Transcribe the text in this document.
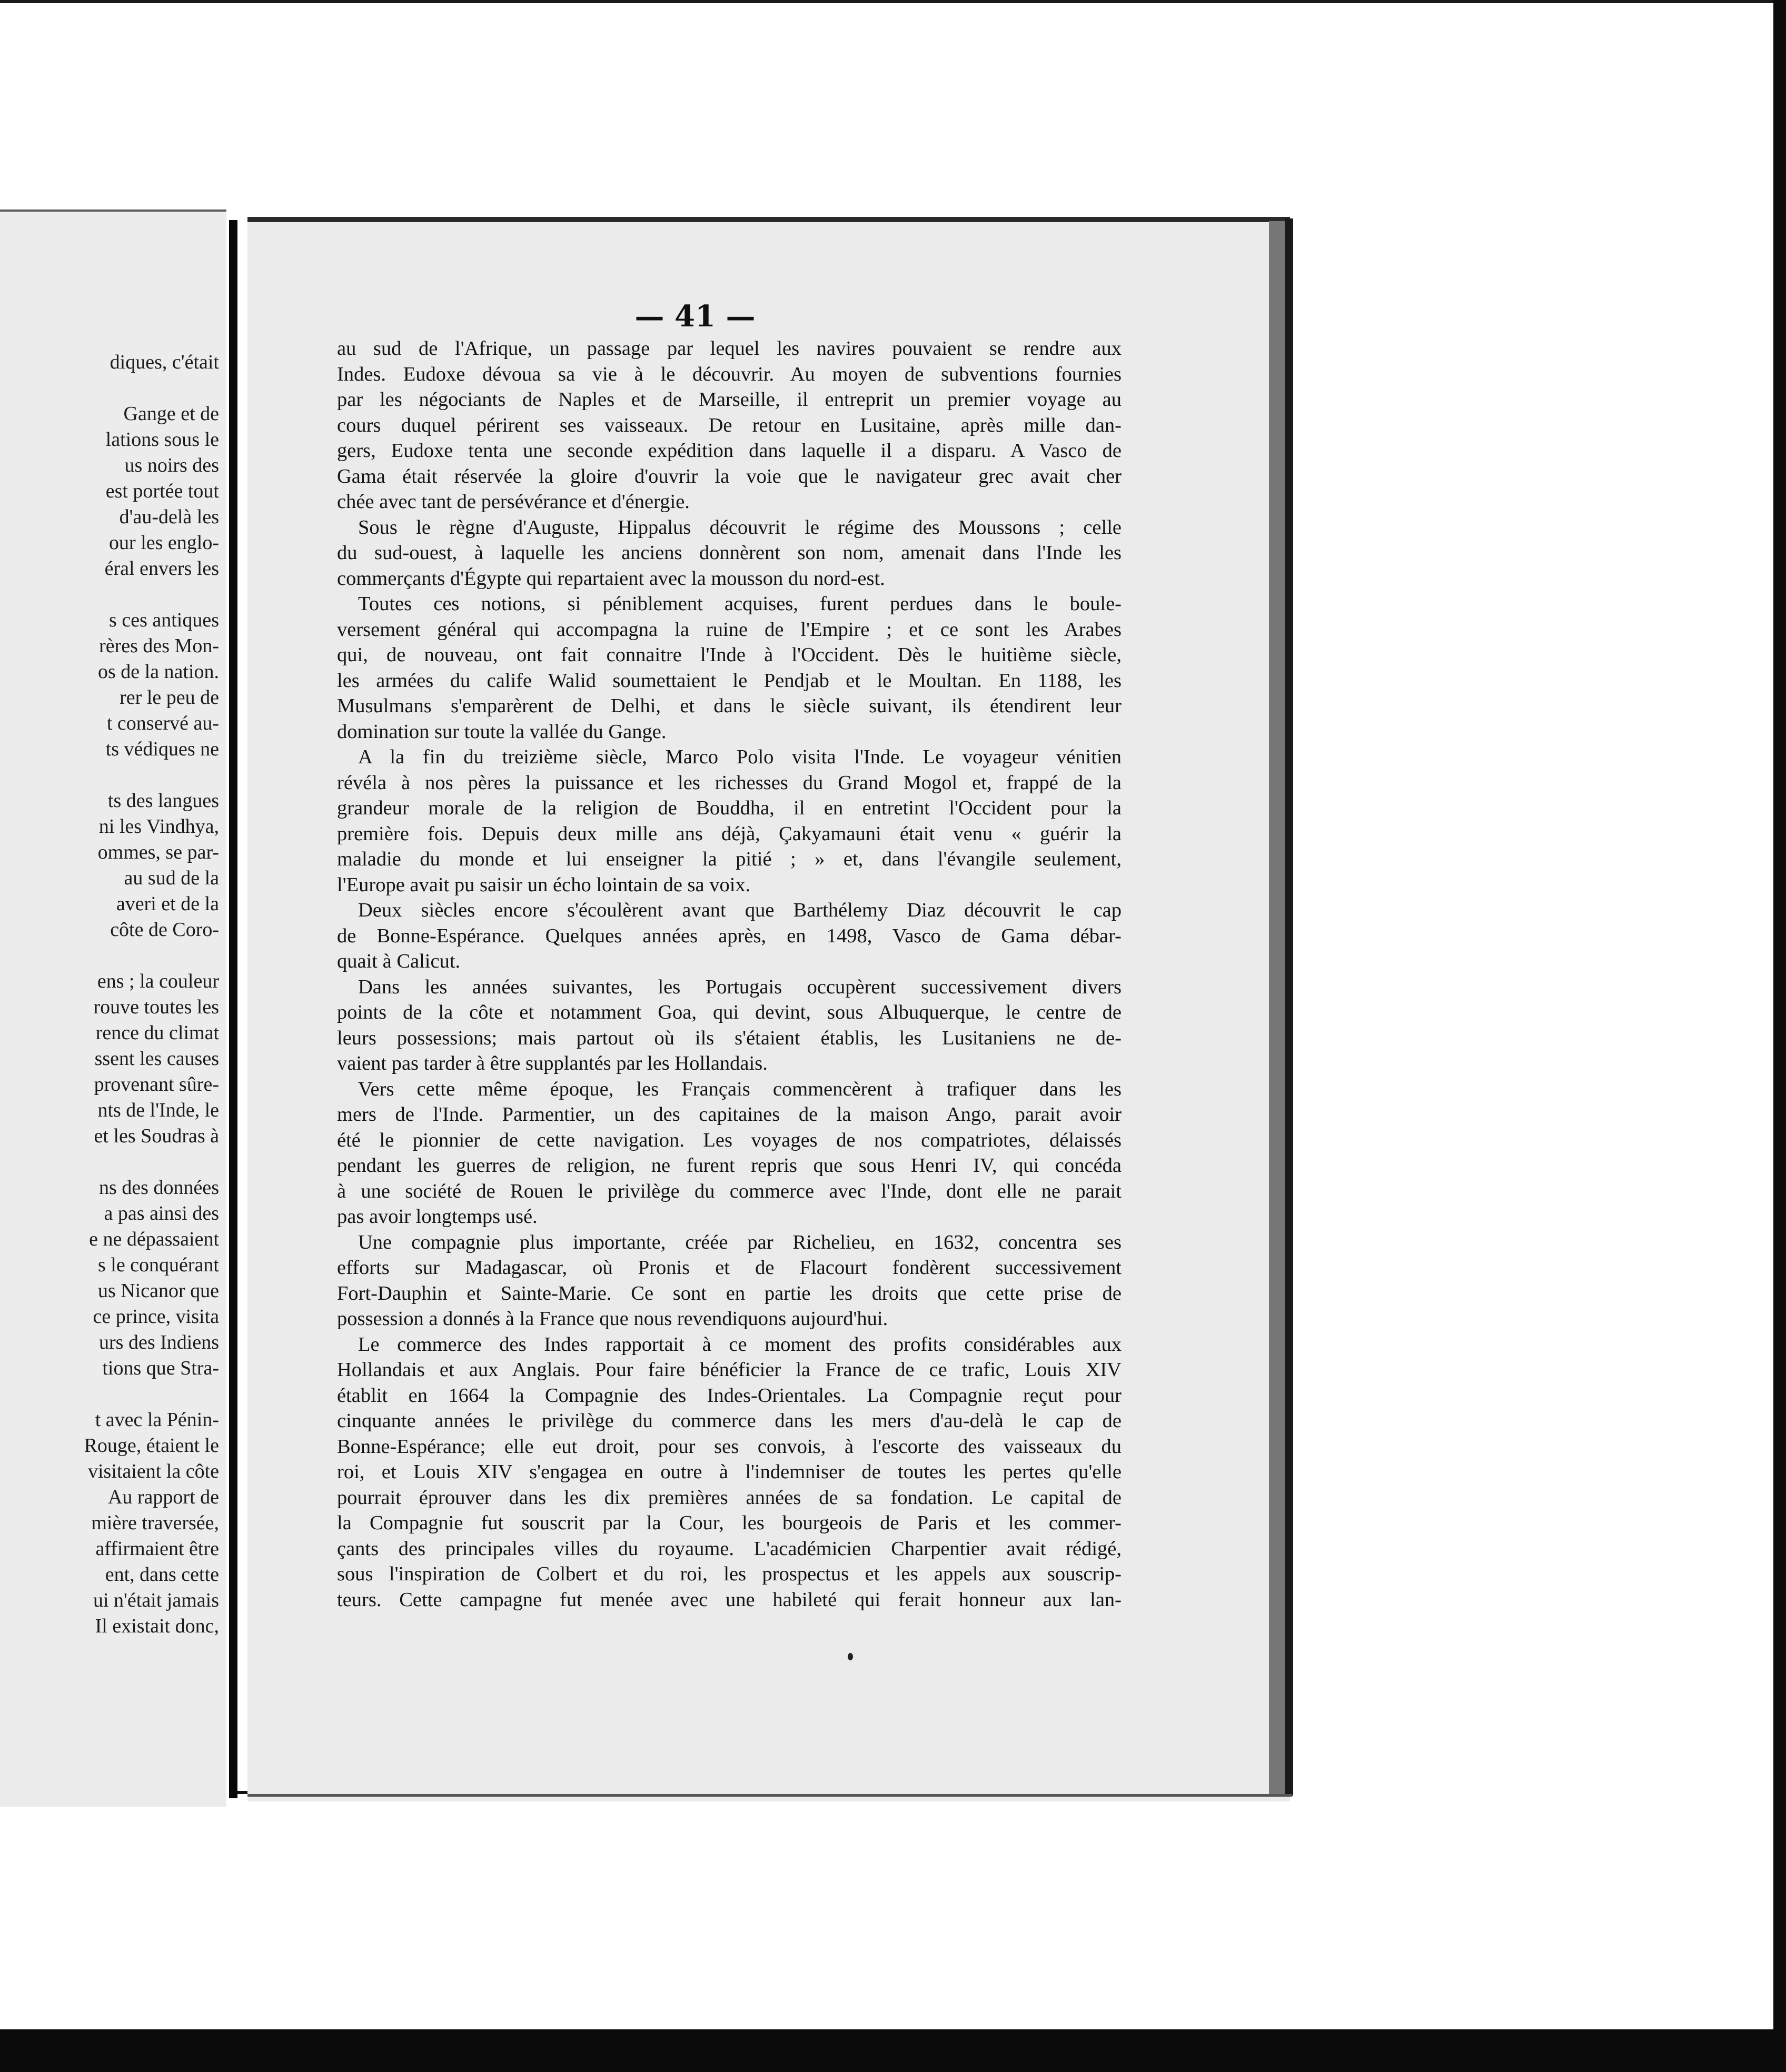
diques, c'était
Gange et de
lations sous le
us noirs des
est portée tout
d'au-delà les
our les englo-
éral envers les
s ces antiques
rères des Mon-
os de la nation.
rer le peu de
t conservé au-
ts védiques ne
ts des langues
ni les Vindhya,
ommes, se par-
au sud de la
averi et de la
côte de Coro-
ens ; la couleur
rouve toutes les
rence du climat
ssent les causes
provenant sûre-
nts de l'Inde, le
et les Soudras à
ns des données
a pas ainsi des
e ne dépassaient
s le conquérant
us Nicanor que
ce prince, visita
urs des Indiens
tions que Stra-
t avec la Pénin-
Rouge, étaient le
visitaient la côte
Au rapport de
mière traversée,
affirmaient être
ent, dans cette
ui n'était jamais
Il existait donc,
— 41 —
au sud de l'Afrique, un passage par lequel les navires pouvaient se rendre aux
Indes. Eudoxe dévoua sa vie à le découvrir. Au moyen de subventions fournies
par les négociants de Naples et de Marseille, il entreprit un premier voyage au
cours duquel périrent ses vaisseaux. De retour en Lusitaine, après mille dan-
gers, Eudoxe tenta une seconde expédition dans laquelle il a disparu. A Vasco de
Gama était réservée la gloire d'ouvrir la voie que le navigateur grec avait cher
chée avec tant de persévérance et d'énergie.
Sous le règne d'Auguste, Hippalus découvrit le régime des Moussons ; celle
du sud-ouest, à laquelle les anciens donnèrent son nom, amenait dans l'Inde les
commerçants d'Égypte qui repartaient avec la mousson du nord-est.
Toutes ces notions, si péniblement acquises, furent perdues dans le boule-
versement général qui accompagna la ruine de l'Empire ; et ce sont les Arabes
qui, de nouveau, ont fait connaitre l'Inde à l'Occident. Dès le huitième siècle,
les armées du calife Walid soumettaient le Pendjab et le Moultan. En 1188, les
Musulmans s'emparèrent de Delhi, et dans le siècle suivant, ils étendirent leur
domination sur toute la vallée du Gange.
A la fin du treizième siècle, Marco Polo visita l'Inde. Le voyageur vénitien
révéla à nos pères la puissance et les richesses du Grand Mogol et, frappé de la
grandeur morale de la religion de Bouddha, il en entretint l'Occident pour la
première fois. Depuis deux mille ans déjà, Çakyamauni était venu « guérir la
maladie du monde et lui enseigner la pitié ; » et, dans l'évangile seulement,
l'Europe avait pu saisir un écho lointain de sa voix.
Deux siècles encore s'écoulèrent avant que Barthélemy Diaz découvrit le cap
de Bonne-Espérance. Quelques années après, en 1498, Vasco de Gama débar-
quait à Calicut.
Dans les années suivantes, les Portugais occupèrent successivement divers
points de la côte et notamment Goa, qui devint, sous Albuquerque, le centre de
leurs possessions; mais partout où ils s'étaient établis, les Lusitaniens ne de-
vaient pas tarder à être supplantés par les Hollandais.
Vers cette même époque, les Français commencèrent à trafiquer dans les
mers de l'Inde. Parmentier, un des capitaines de la maison Ango, parait avoir
été le pionnier de cette navigation. Les voyages de nos compatriotes, délaissés
pendant les guerres de religion, ne furent repris que sous Henri IV, qui concéda
à une société de Rouen le privilège du commerce avec l'Inde, dont elle ne parait
pas avoir longtemps usé.
Une compagnie plus importante, créée par Richelieu, en 1632, concentra ses
efforts sur Madagascar, où Pronis et de Flacourt fondèrent successivement
Fort-Dauphin et Sainte-Marie. Ce sont en partie les droits que cette prise de
possession a donnés à la France que nous revendiquons aujourd'hui.
Le commerce des Indes rapportait à ce moment des profits considérables aux
Hollandais et aux Anglais. Pour faire bénéficier la France de ce trafic, Louis XIV
établit en 1664 la Compagnie des Indes-Orientales. La Compagnie reçut pour
cinquante années le privilège du commerce dans les mers d'au-delà le cap de
Bonne-Espérance; elle eut droit, pour ses convois, à l'escorte des vaisseaux du
roi, et Louis XIV s'engagea en outre à l'indemniser de toutes les pertes qu'elle
pourrait éprouver dans les dix premières années de sa fondation. Le capital de
la Compagnie fut souscrit par la Cour, les bourgeois de Paris et les commer-
çants des principales villes du royaume. L'académicien Charpentier avait rédigé,
sous l'inspiration de Colbert et du roi, les prospectus et les appels aux souscrip-
teurs. Cette campagne fut menée avec une habileté qui ferait honneur aux lan-
